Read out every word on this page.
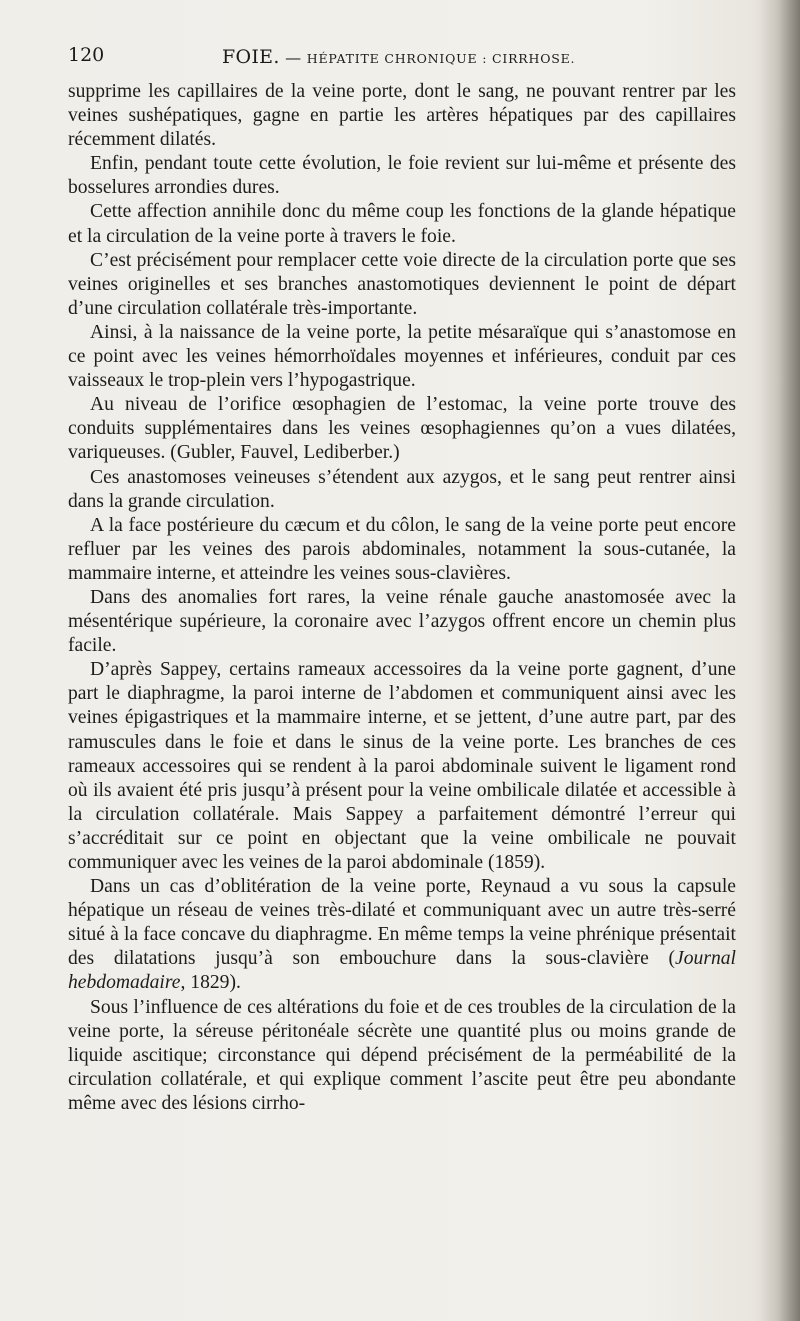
120	FOIE. — HÉPATITE CHRONIQUE : CIRRHOSE.

supprime les capillaires de la veine porte, dont le sang, ne pouvant rentrer par les veines sushépatiques, gagne en partie les artères hépatiques par des capillaires récemment dilatés.

Enfin, pendant toute cette évolution, le foie revient sur lui-même et présente des bosselures arrondies dures.

Cette affection annihile donc du même coup les fonctions de la glande hépatique et la circulation de la veine porte à travers le foie.

C’est précisément pour remplacer cette voie directe de la circulation porte que ses veines originelles et ses branches anastomotiques deviennent le point de départ d’une circulation collatérale très-importante.

Ainsi, à la naissance de la veine porte, la petite mésaraïque qui s’anastomose en ce point avec les veines hémorrhoïdales moyennes et inférieures, conduit par ces vaisseaux le trop-plein vers l’hypogastrique.

Au niveau de l’orifice œsophagien de l’estomac, la veine porte trouve des conduits supplémentaires dans les veines œsophagiennes qu’on a vues dilatées, variqueuses. (Gubler, Fauvel, Lediberber.)

Ces anastomoses veineuses s’étendent aux azygos, et le sang peut rentrer ainsi dans la grande circulation.

A la face postérieure du cæcum et du côlon, le sang de la veine porte peut encore refluer par les veines des parois abdominales, notamment la sous-cutanée, la mammaire interne, et atteindre les veines sous-clavières.

Dans des anomalies fort rares, la veine rénale gauche anastomosée avec la mésentérique supérieure, la coronaire avec l’azygos offrent encore un chemin plus facile.

D’après Sappey, certains rameaux accessoires da la veine porte gagnent, d’une part le diaphragme, la paroi interne de l’abdomen et communiquent ainsi avec les veines épigastriques et la mammaire interne, et se jettent, d’une autre part, par des ramuscules dans le foie et dans le sinus de la veine porte. Les branches de ces rameaux accessoires qui se rendent à la paroi abdominale suivent le ligament rond où ils avaient été pris jusqu’à présent pour la veine ombilicale dilatée et accessible à la circulation collatérale. Mais Sappey a parfaitement démontré l’erreur qui s’accréditait sur ce point en objectant que la veine ombilicale ne pouvait communiquer avec les veines de la paroi abdominale (1859).

Dans un cas d’oblitération de la veine porte, Reynaud a vu sous la capsule hépatique un réseau de veines très-dilaté et communiquant avec un autre très-serré situé à la face concave du diaphragme. En même temps la veine phrénique présentait des dilatations jusqu’à son embouchure dans la sous-clavière (Journal hebdomadaire, 1829).

Sous l’influence de ces altérations du foie et de ces troubles de la circulation de la veine porte, la séreuse péritonéale sécrète une quantité plus ou moins grande de liquide ascitique; circonstance qui dépend précisément de la perméabilité de la circulation collatérale, et qui explique comment l’ascite peut être peu abondante même avec des lésions cirrho-
